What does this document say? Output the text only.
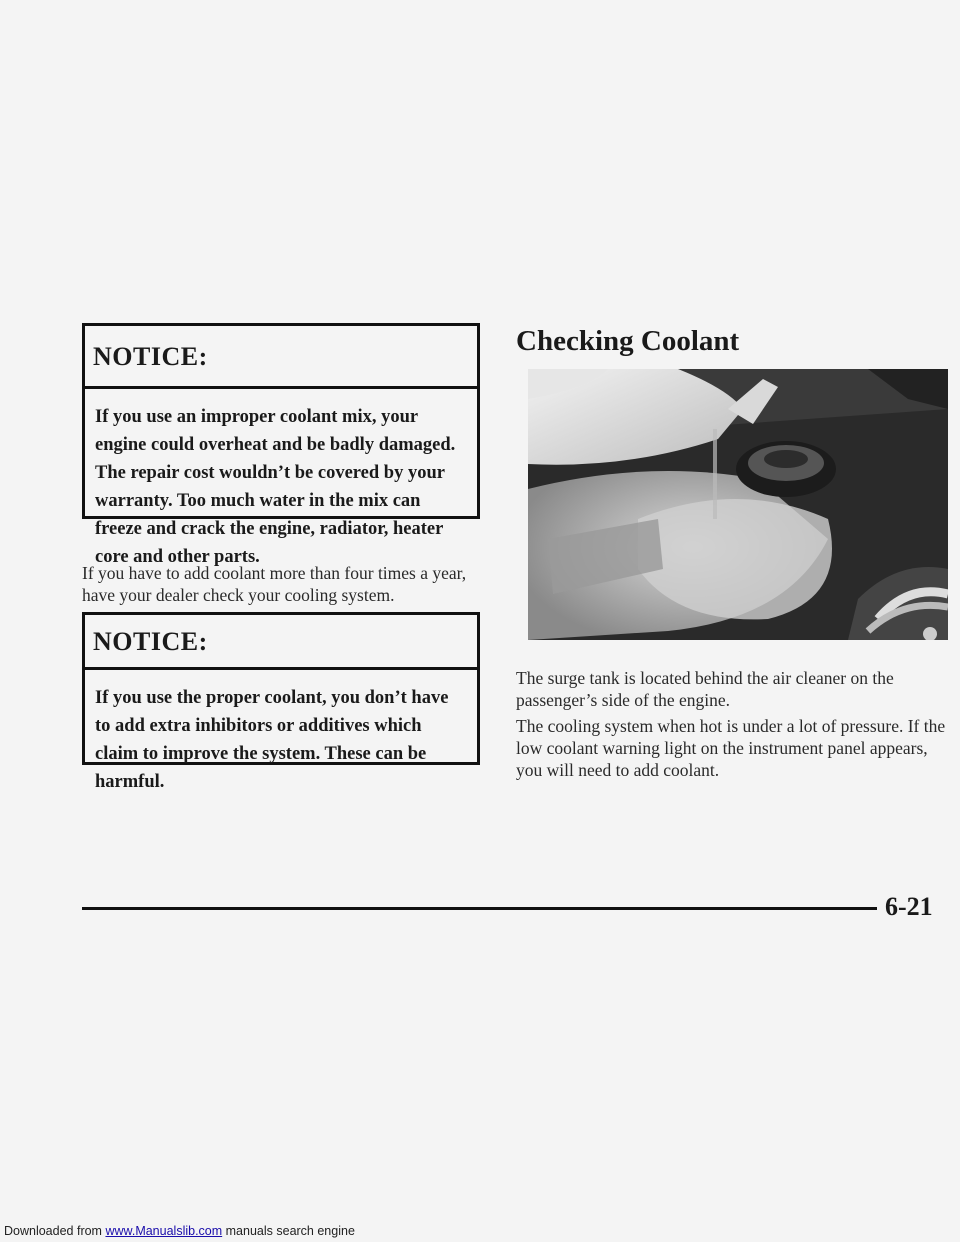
NOTICE:
If you use an improper coolant mix, your engine could overheat and be badly damaged. The repair cost wouldn’t be covered by your warranty. Too much water in the mix can freeze and crack the engine, radiator, heater core and other parts.
If you have to add coolant more than four times a year, have your dealer check your cooling system.
NOTICE:
If you use the proper coolant, you don’t have to add extra inhibitors or additives which claim to improve the system. These can be harmful.
Checking Coolant
The surge tank is located behind the air cleaner on the passenger’s side of the engine.
The cooling system when hot is under a lot of pressure. If the low coolant warning light on the instrument panel appears, you will need to add coolant.
6-21
Downloaded from www.Manualslib.com manuals search engine
